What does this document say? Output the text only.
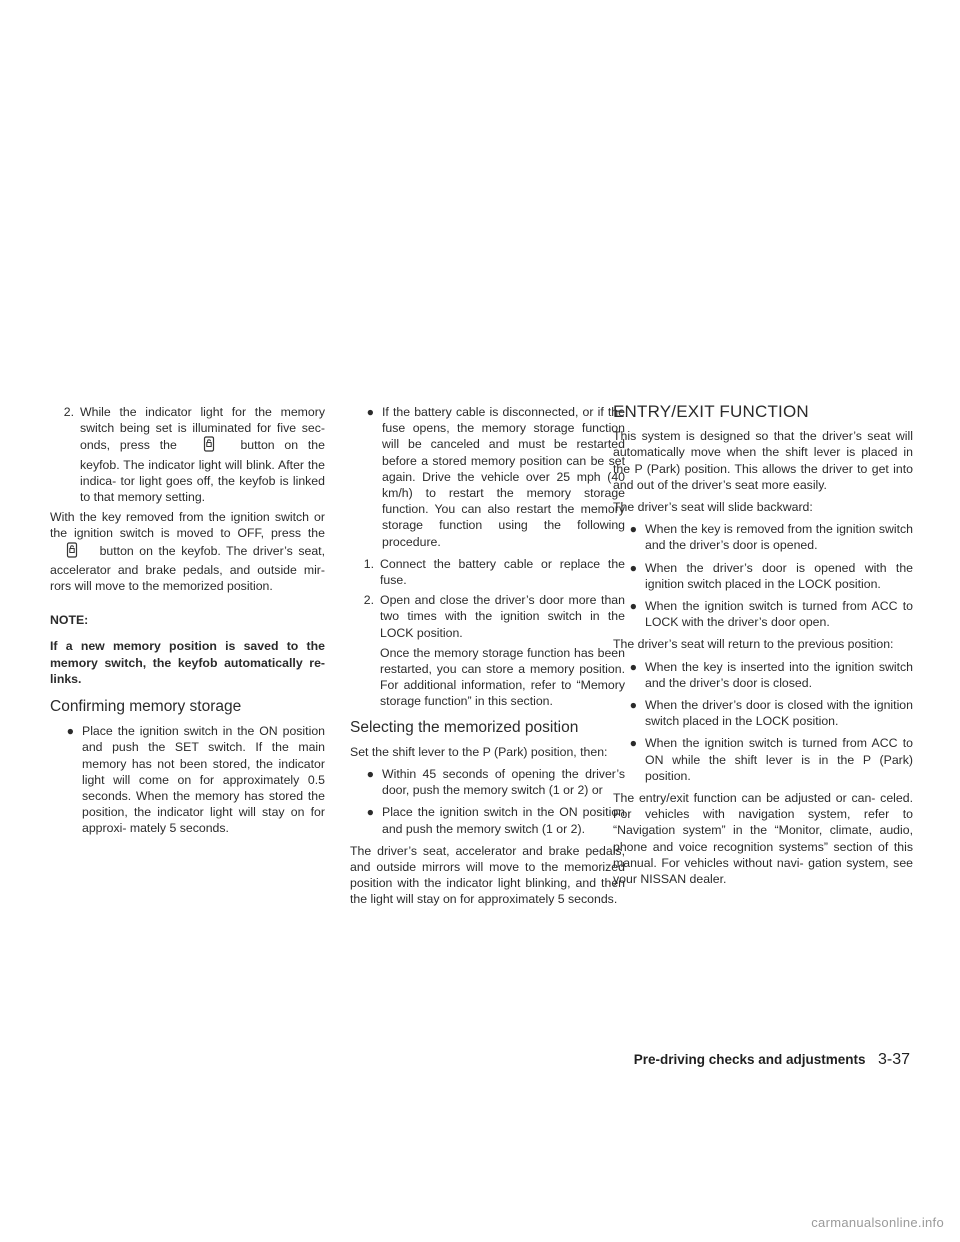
2. While the indicator light for the memory switch being set is illuminated for five sec- onds, press the	button on the keyfob. The indicator light will blink. After the indica- tor light goes off, the keyfob is linked to that memory setting.

With the key removed from the ignition switch or the ignition switch is moved to OFF, press the  button on the keyfob. The driver’s seat, accelerator and brake pedals, and outside mir- rors will move to the memorized position.

NOTE:

If a new memory position is saved to the memory switch, the keyfob automatically re-links.

Confirming memory storage
● Place the ignition switch in the ON position and push the SET switch. If the main memory has not been stored, the indicator light will come on for approximately 0.5 seconds. When the memory has stored the position, the indicator light will stay on for approxi- mately 5 seconds.
● If the battery cable is disconnected, or if the fuse opens, the memory storage function will be canceled and must be restarted before a stored memory position can be set again. Drive the vehicle over 25 mph (40 km/h) to restart the memory storage function. You can also restart the memory storage function using the following procedure.
1. Connect the battery cable or replace the fuse.
2. Open and close the driver’s door more than two times with the ignition switch in the LOCK position.

Once the memory storage function has been restarted, you can store a memory position. For additional information, refer to “Memory storage function” in this section.

Selecting the memorized position

Set the shift lever to the P (Park) position, then:

● Within 45 seconds of opening the driver’s door, push the memory switch (1 or 2) or
● Place the ignition switch in the ON position and push the memory switch (1 or 2).

The driver’s seat, accelerator and brake pedals, and outside mirrors will move to the memorized position with the indicator light blinking, and then the light will stay on for approximately 5 seconds.

ENTRY/EXIT FUNCTION

This system is designed so that the driver’s seat will automatically move when the shift lever is placed in the P (Park) position. This allows the driver to get into and out of the driver’s seat more easily.

The driver’s seat will slide backward:

● When the key is removed from the ignition switch and the driver’s door is opened.
● When the driver’s door is opened with the ignition switch placed in the LOCK position.
● When the ignition switch is turned from ACC to LOCK with the driver’s door open.

The driver’s seat will return to the previous position:

● When the key is inserted into the ignition switch and the driver’s door is closed.
● When the driver’s door is closed with the ignition switch placed in the LOCK position.
● When the ignition switch is turned from ACC to ON while the shift lever is in the P (Park) position.

The entry/exit function can be adjusted or can- celed. For vehicles with navigation system, refer to “Navigation system” in the “Monitor, climate, audio, phone and voice recognition systems” section of this manual. For vehicles without navi- gation system, see your NISSAN dealer.

Pre-driving checks and adjustments 3-37
carmanualsonline.info
